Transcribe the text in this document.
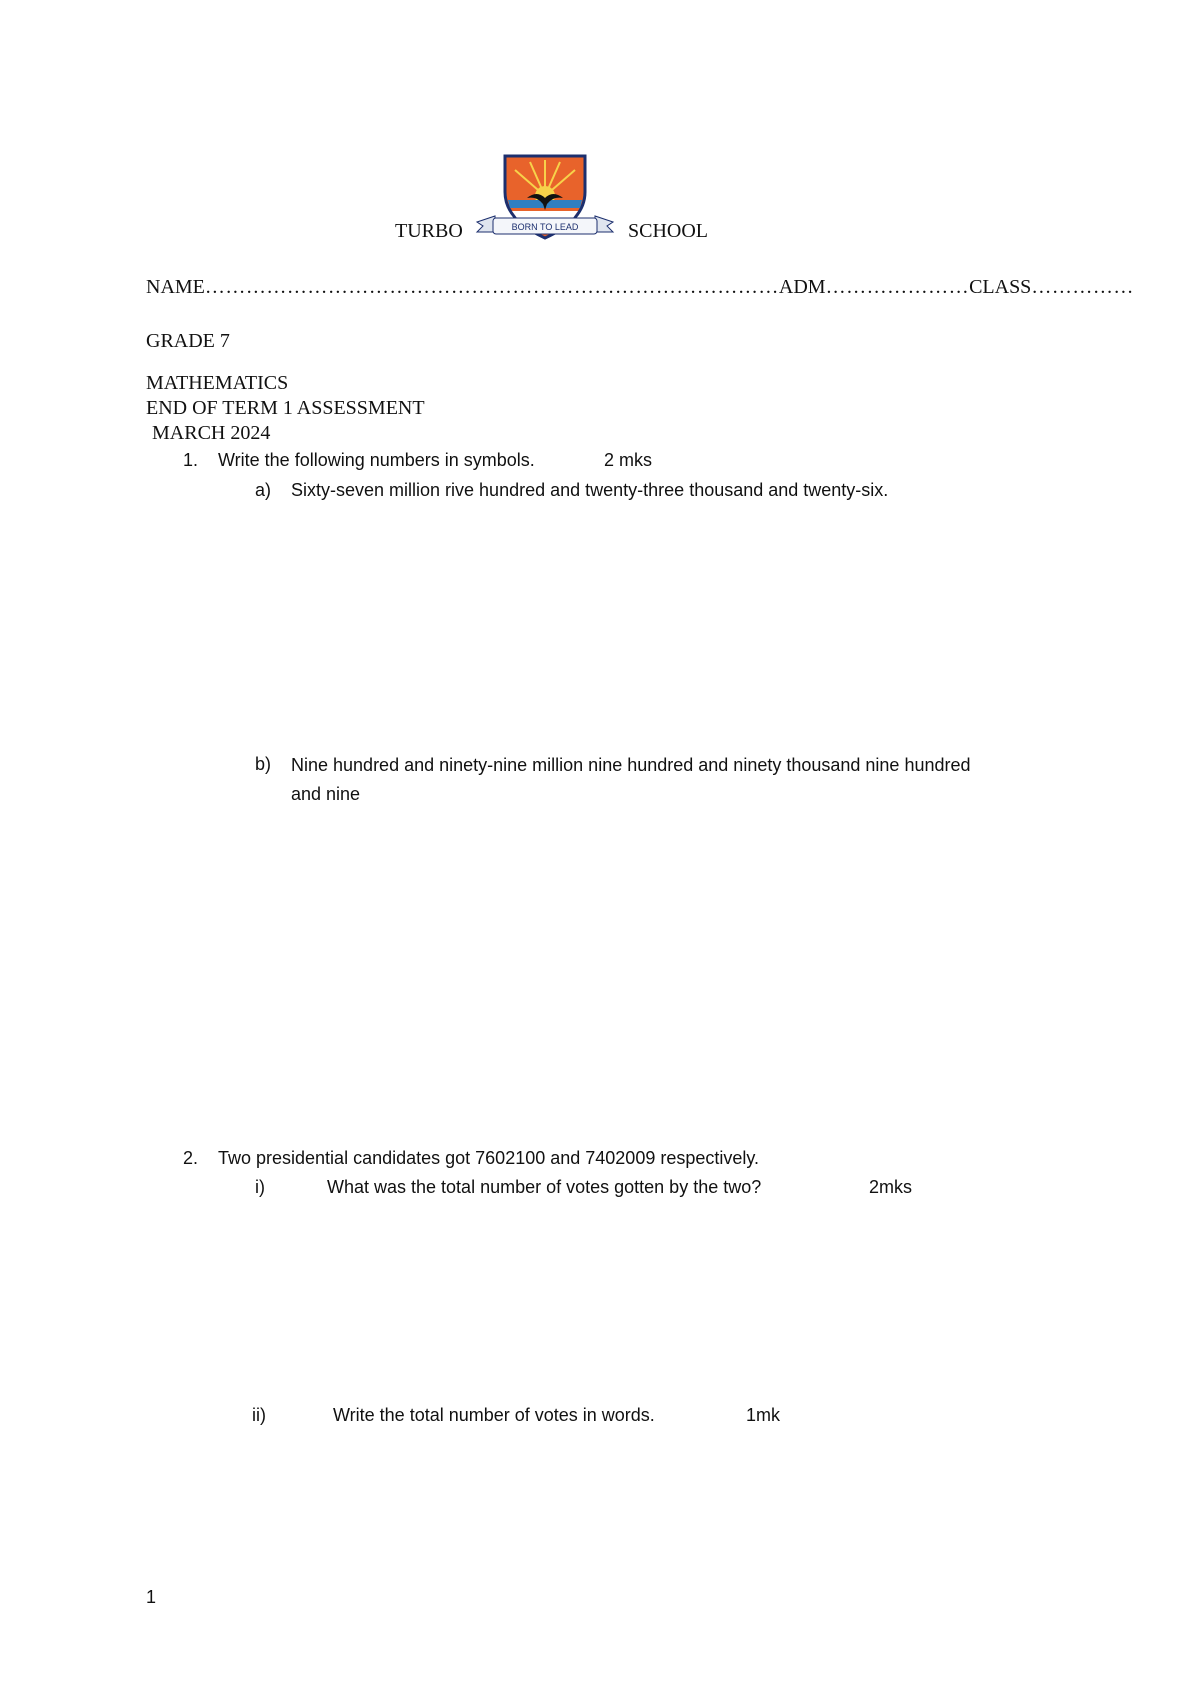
TURBO	BORN TO LEAD SCHOOL
NAME…………………………………………………………………………ADM…………………CLASS……………
GRADE 7
MATHEMATICS
END OF TERM 1 ASSESSMENT
MARCH 2024
1. Write the following numbers in symbols.	2 mks
a) Sixty-seven million rive hundred and twenty-three thousand and twenty-six.
b) Nine hundred and ninety-nine million nine hundred and ninety thousand nine hundred and nine
2. Two presidential candidates got 7602100 and 7402009 respectively.
i)	What was the total number of votes gotten by the two?	2mks
ii)	Write the total number of votes in words.	1mk
1
